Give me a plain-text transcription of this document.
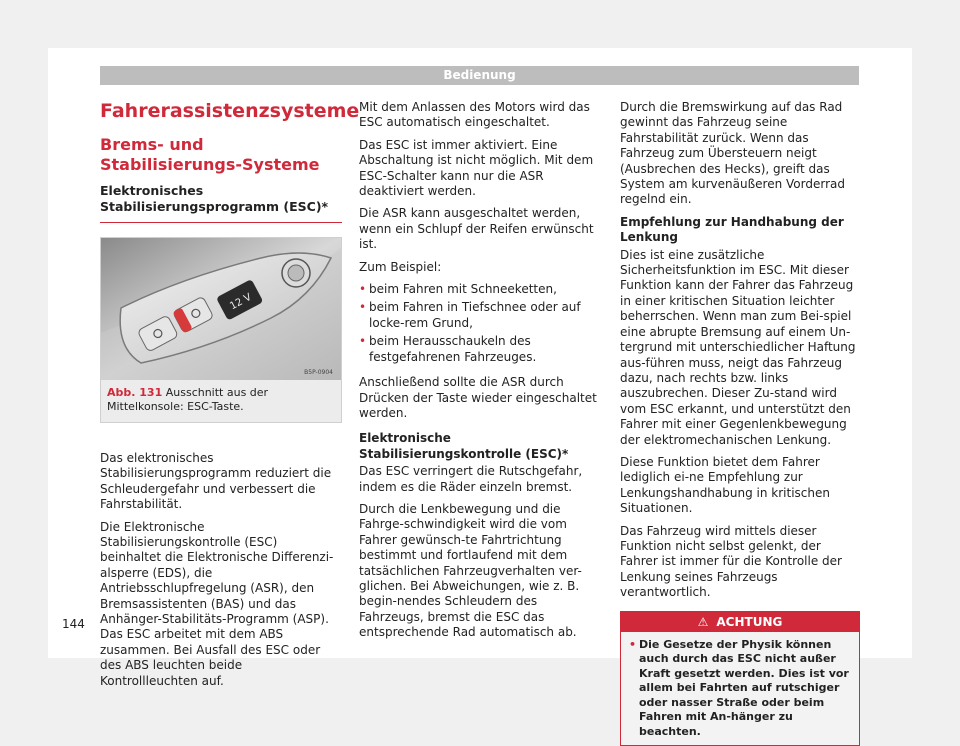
Bedienung
Fahrerassistenzsysteme
Brems- und Stabilisierungs-Systeme
Elektronisches Stabilisierungsprogramm (ESC)*
12 V
B5P-0904
Abb. 131 Ausschnitt aus der Mittelkonsole: ESC-Taste.

Das elektronisches Stabilisierungsprogramm reduziert die Schleudergefahr und verbessert die Fahrstabilität.

Die Elektronische Stabilisierungskontrolle (ESC) beinhaltet die Elektronische Differenzi-alsperre (EDS), die Antriebsschlupfregelung (ASR), den Bremsassistenten (BAS) und das Anhänger-Stabilitäts-Programm (ASP). Das ESC arbeitet mit dem ABS zusammen. Bei Ausfall des ESC oder des ABS leuchten beide Kontrollleuchten auf.

Mit dem Anlassen des Motors wird das ESC automatisch eingeschaltet.

Das ESC ist immer aktiviert. Eine Abschaltung ist nicht möglich. Mit dem ESC-Schalter kann nur die ASR deaktiviert werden.

Die ASR kann ausgeschaltet werden, wenn ein Schlupf der Reifen erwünscht ist.

Zum Beispiel:

• beim Fahren mit Schneeketten,
• beim Fahren in Tiefschnee oder auf locke-rem Grund,
• beim Herausschaukeln des festgefahrenen Fahrzeuges.

Anschließend sollte die ASR durch Drücken der Taste wieder eingeschaltet werden.

Elektronische Stabilisierungskontrolle (ESC)*

Das ESC verringert die Rutschgefahr, indem es die Räder einzeln bremst.

Durch die Lenkbewegung und die Fahrge-schwindigkeit wird die vom Fahrer gewünsch-te Fahrtrichtung bestimmt und fortlaufend mit dem tatsächlichen Fahrzeugverhalten ver-glichen. Bei Abweichungen, wie z. B. begin-nendes Schleudern des Fahrzeugs, bremst die ESC das entsprechende Rad automatisch ab.

Durch die Bremswirkung auf das Rad gewinnt das Fahrzeug seine Fahrstabilität zurück. Wenn das Fahrzeug zum Übersteuern neigt (Ausbrechen des Hecks), greift das System am kurvenäußeren Vorderrad regelnd ein.

Empfehlung zur Handhabung der Lenkung

Dies ist eine zusätzliche Sicherheitsfunktion im ESC. Mit dieser Funktion kann der Fahrer das Fahrzeug in einer kritischen Situation leichter beherrschen. Wenn man zum Bei-spiel eine abrupte Bremsung auf einem Un-tergrund mit unterschiedlicher Haftung aus-führen muss, neigt das Fahrzeug dazu, nach rechts bzw. links auszubrechen. Dieser Zu-stand wird vom ESC erkannt, und unterstützt den Fahrer mit einer Gegenlenkbewegung der elektromechanischen Lenkung.

Diese Funktion bietet dem Fahrer lediglich ei-ne Empfehlung zur Lenkungshandhabung in kritischen Situationen.

Das Fahrzeug wird mittels dieser Funktion nicht selbst gelenkt, der Fahrer ist immer für die Kontrolle der Lenkung seines Fahrzeugs verantwortlich.

⚠ ACHTUNG
• Die Gesetze der Physik können auch durch das ESC nicht außer Kraft gesetzt werden. Dies ist vor allem bei Fahrten auf rutschiger oder nasser Straße oder beim Fahren mit An-hänger zu beachten.
144
